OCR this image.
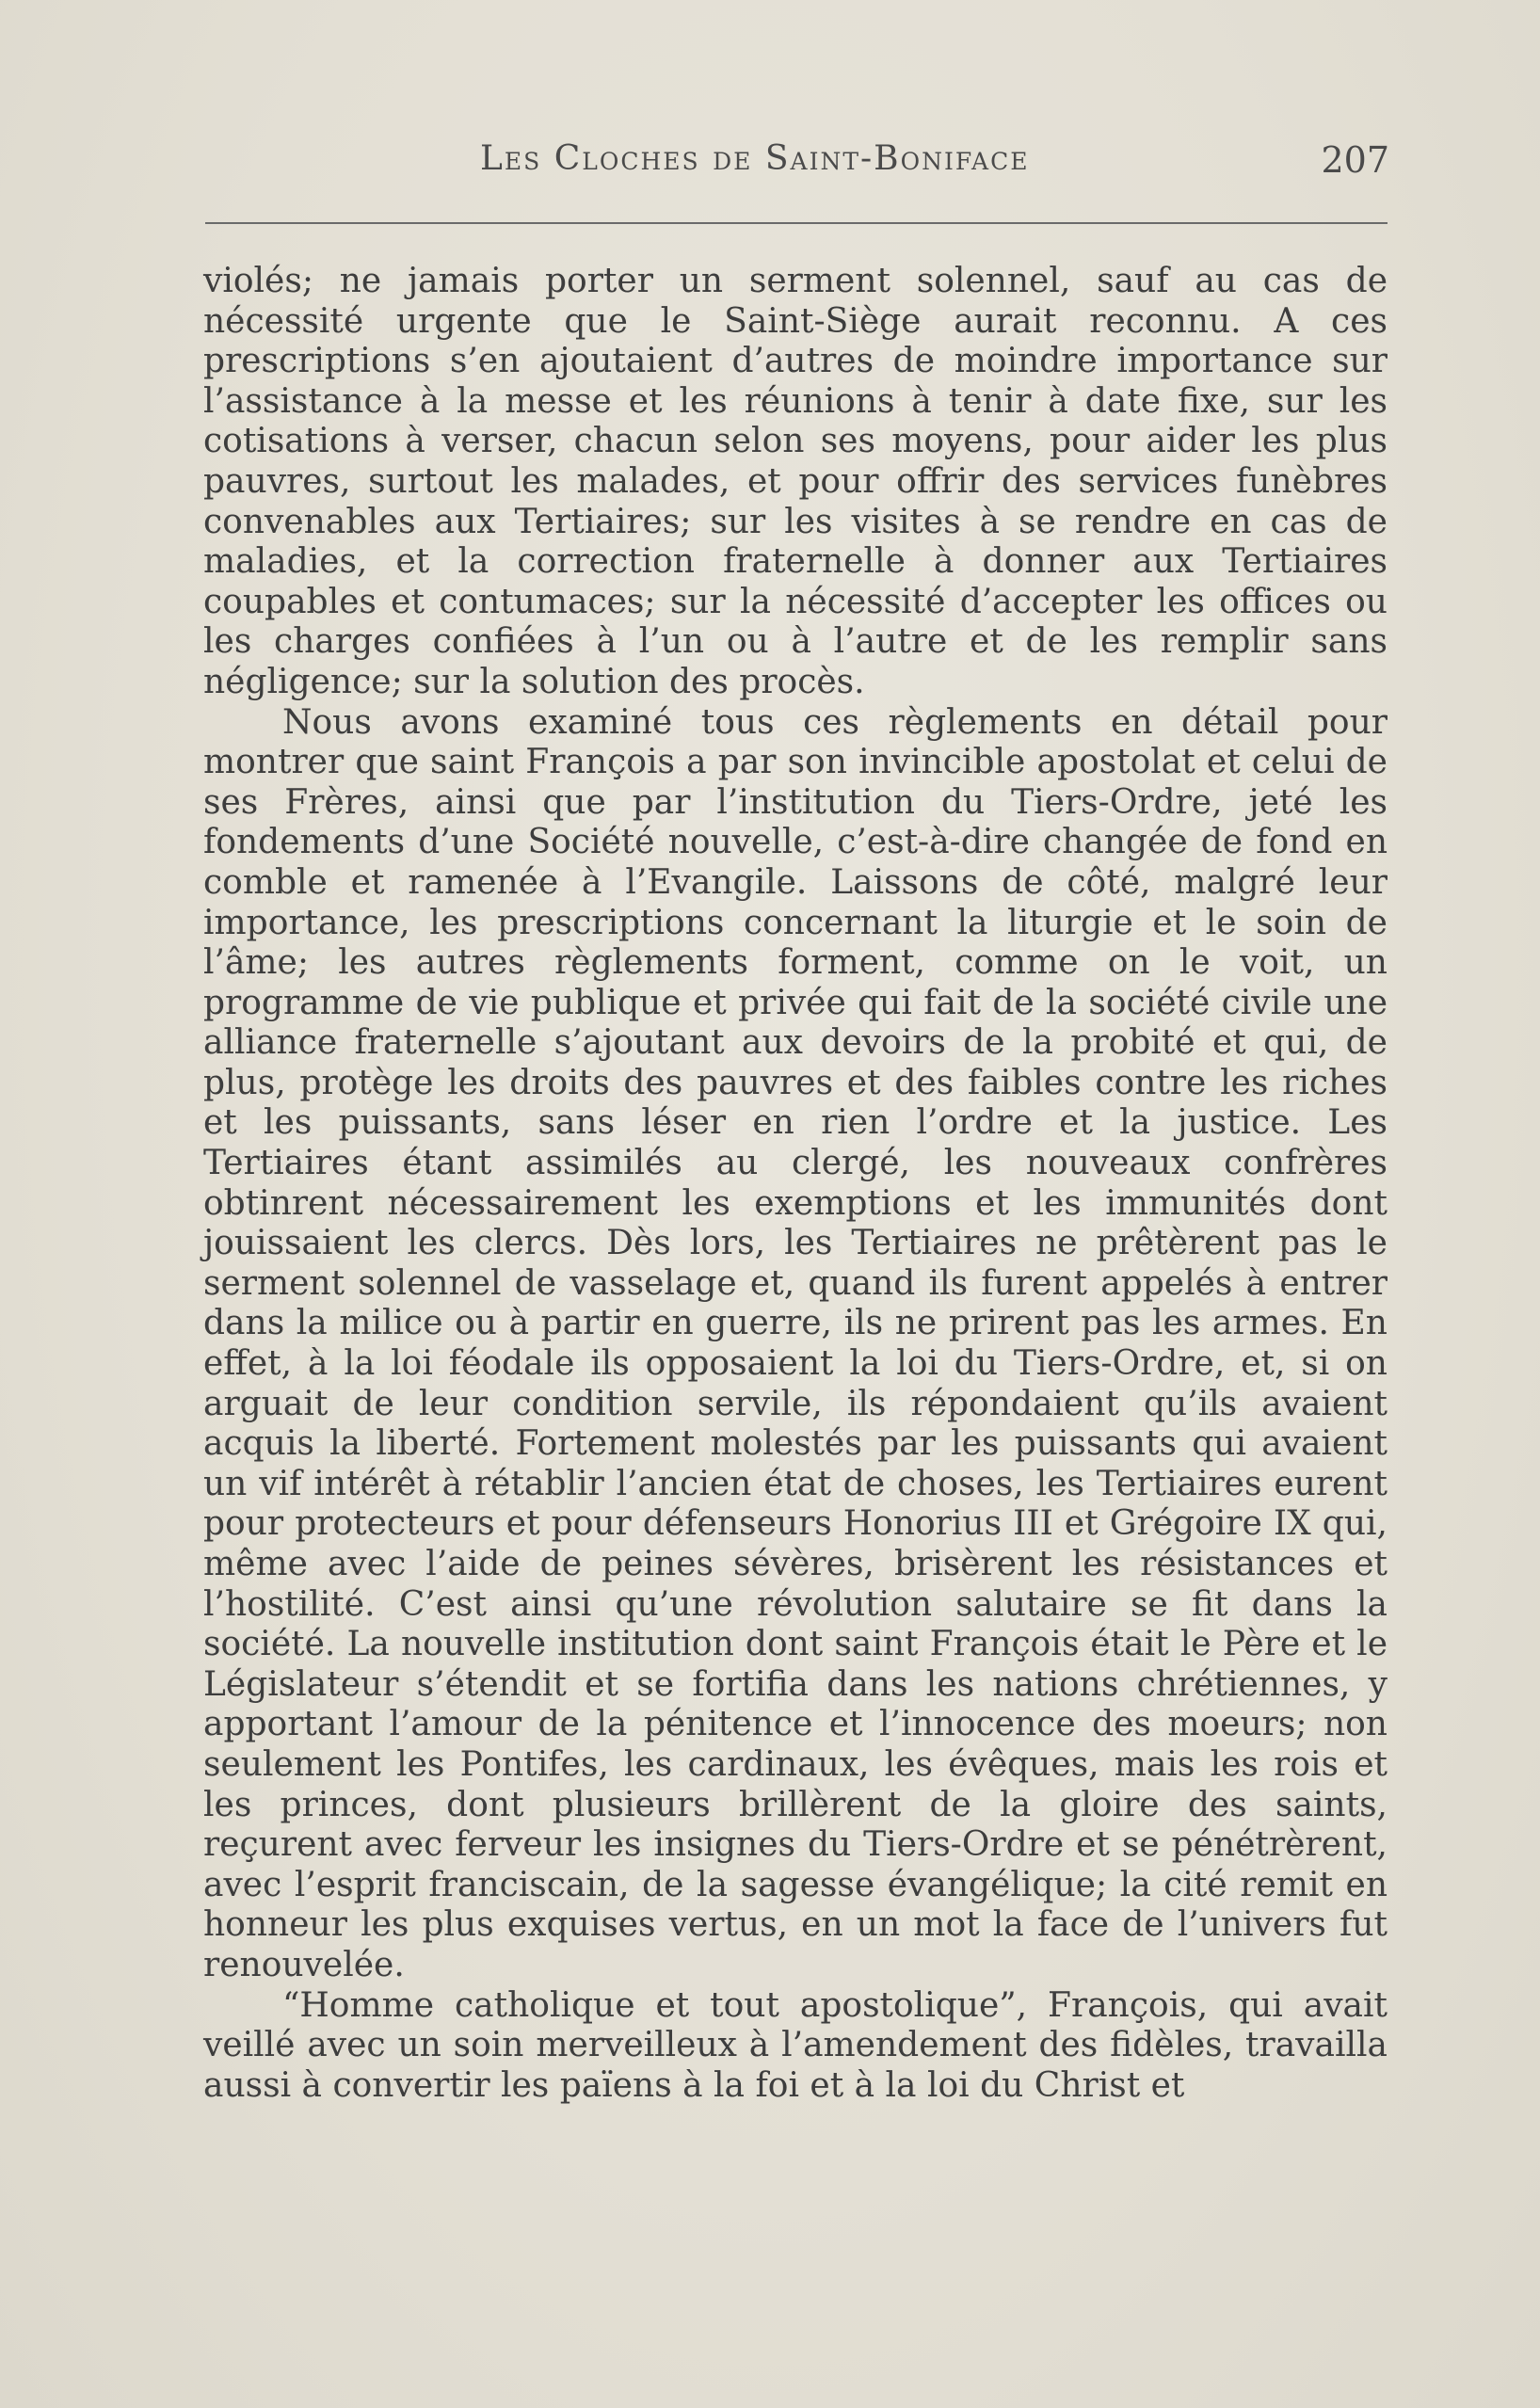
Les Cloches de Saint-Boniface	207

violés; ne jamais porter un serment solennel, sauf au cas de nécessité urgente que le Saint-Siège aurait reconnu. A ces prescriptions s’en ajoutaient d’autres de moindre importance sur l’assistance à la messe et les réunions à tenir à date fixe, sur les cotisations à verser, chacun selon ses moyens, pour aider les plus pauvres, surtout les malades, et pour offrir des services funèbres convenables aux Tertiaires; sur les visites à se rendre en cas de maladies, et la correction fraternelle à donner aux Tertiaires coupables et contumaces; sur la nécessité d’accepter les offices ou les charges confiées à l’un ou à l’autre et de les remplir sans négligence; sur la solution des procès.

Nous avons examiné tous ces règlements en détail pour montrer que saint François a par son invincible apostolat et celui de ses Frères, ainsi que par l’institution du Tiers-Ordre, jeté les fondements d’une Société nouvelle, c’est-à-dire changée de fond en comble et ramenée à l’Evangile. Laissons de côté, malgré leur importance, les prescriptions concernant la liturgie et le soin de l’âme; les autres règlements forment, comme on le voit, un programme de vie publique et privée qui fait de la société civile une alliance fraternelle s’ajoutant aux devoirs de la probité et qui, de plus, protège les droits des pauvres et des faibles contre les riches et les puissants, sans léser en rien l’ordre et la justice. Les Tertiaires étant assimilés au clergé, les nouveaux confrères obtinrent nécessairement les exemptions et les immunités dont jouissaient les clercs. Dès lors, les Tertiaires ne prêtèrent pas le serment solennel de vasselage et, quand ils furent appelés à entrer dans la milice ou à partir en guerre, ils ne prirent pas les armes. En effet, à la loi féodale ils opposaient la loi du Tiers-Ordre, et, si on arguait de leur condition servile, ils répondaient qu’ils avaient acquis la liberté. Fortement molestés par les puissants qui avaient un vif intérêt à rétablir l’ancien état de choses, les Tertiaires eurent pour protecteurs et pour défenseurs Honorius III et Grégoire IX qui, même avec l’aide de peines sévères, brisèrent les résistances et l’hostilité. C’est ainsi qu’une révolution salutaire se fit dans la société. La nouvelle institution dont saint François était le Père et le Législateur s’étendit et se fortifia dans les nations chrétiennes, y apportant l’amour de la pénitence et l’innocence des moeurs; non seulement les Pontifes, les cardinaux, les évêques, mais les rois et les princes, dont plusieurs brillèrent de la gloire des saints, reçurent avec ferveur les insignes du Tiers-Ordre et se pénétrèrent, avec l’esprit franciscain, de la sagesse évangélique; la cité remit en honneur les plus exquises vertus, en un mot la face de l’univers fut renouvelée.

“Homme catholique et tout apostolique”, François, qui avait veillé avec un soin merveilleux à l’amendement des fidèles, travailla aussi à convertir les païens à la foi et à la loi du Christ et
